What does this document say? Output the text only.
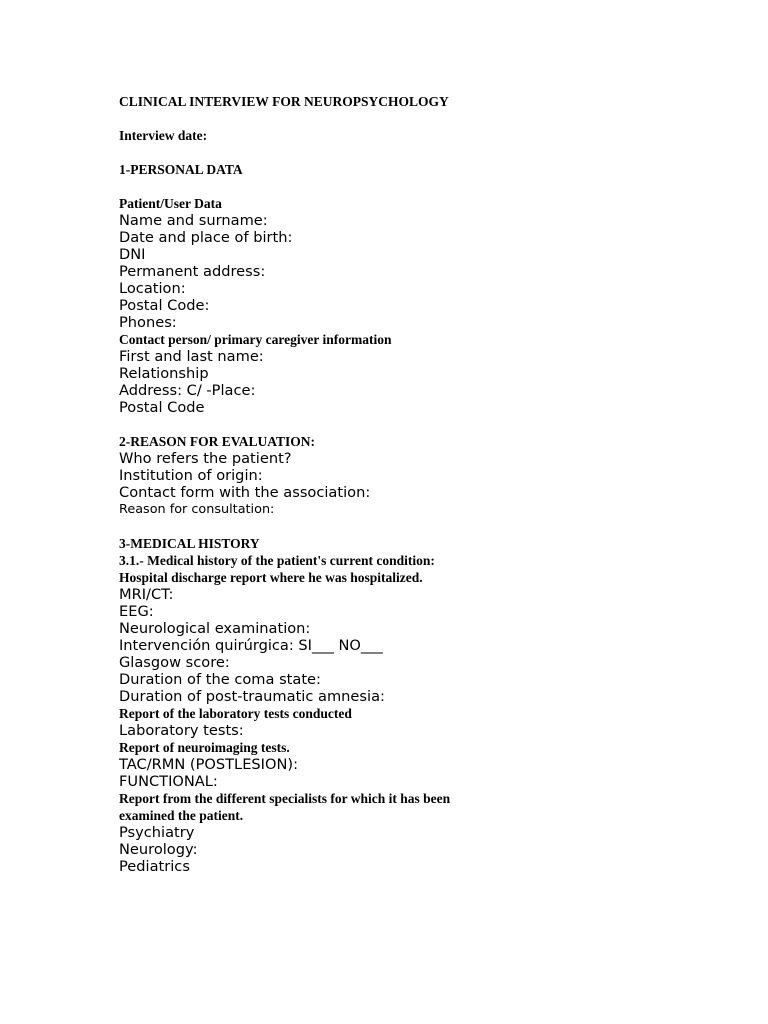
CLINICAL INTERVIEW FOR NEUROPSYCHOLOGY
Interview date:
1-PERSONAL DATA
Patient/User Data
Name and surname:
Date and place of birth:
DNI
Permanent address:
Location:
Postal Code:
Phones:
Contact person/ primary caregiver information
First and last name:
Relationship
Address: C/ -Place:
Postal Code
2-REASON FOR EVALUATION:
Who refers the patient?
Institution of origin:
Contact form with the association:
Reason for consultation:
3-MEDICAL HISTORY
3.1.- Medical history of the patient's current condition:
Hospital discharge report where he was hospitalized.
MRI/CT:
EEG:
Neurological examination:
Intervención quirúrgica: SI___ NO___
Glasgow score:
Duration of the coma state:
Duration of post-traumatic amnesia:
Report of the laboratory tests conducted
Laboratory tests:
Report of neuroimaging tests.
TAC/RMN (POSTLESION):
FUNCTIONAL:
Report from the different specialists for which it has been
examined the patient.
Psychiatry
Neurology:
Pediatrics
